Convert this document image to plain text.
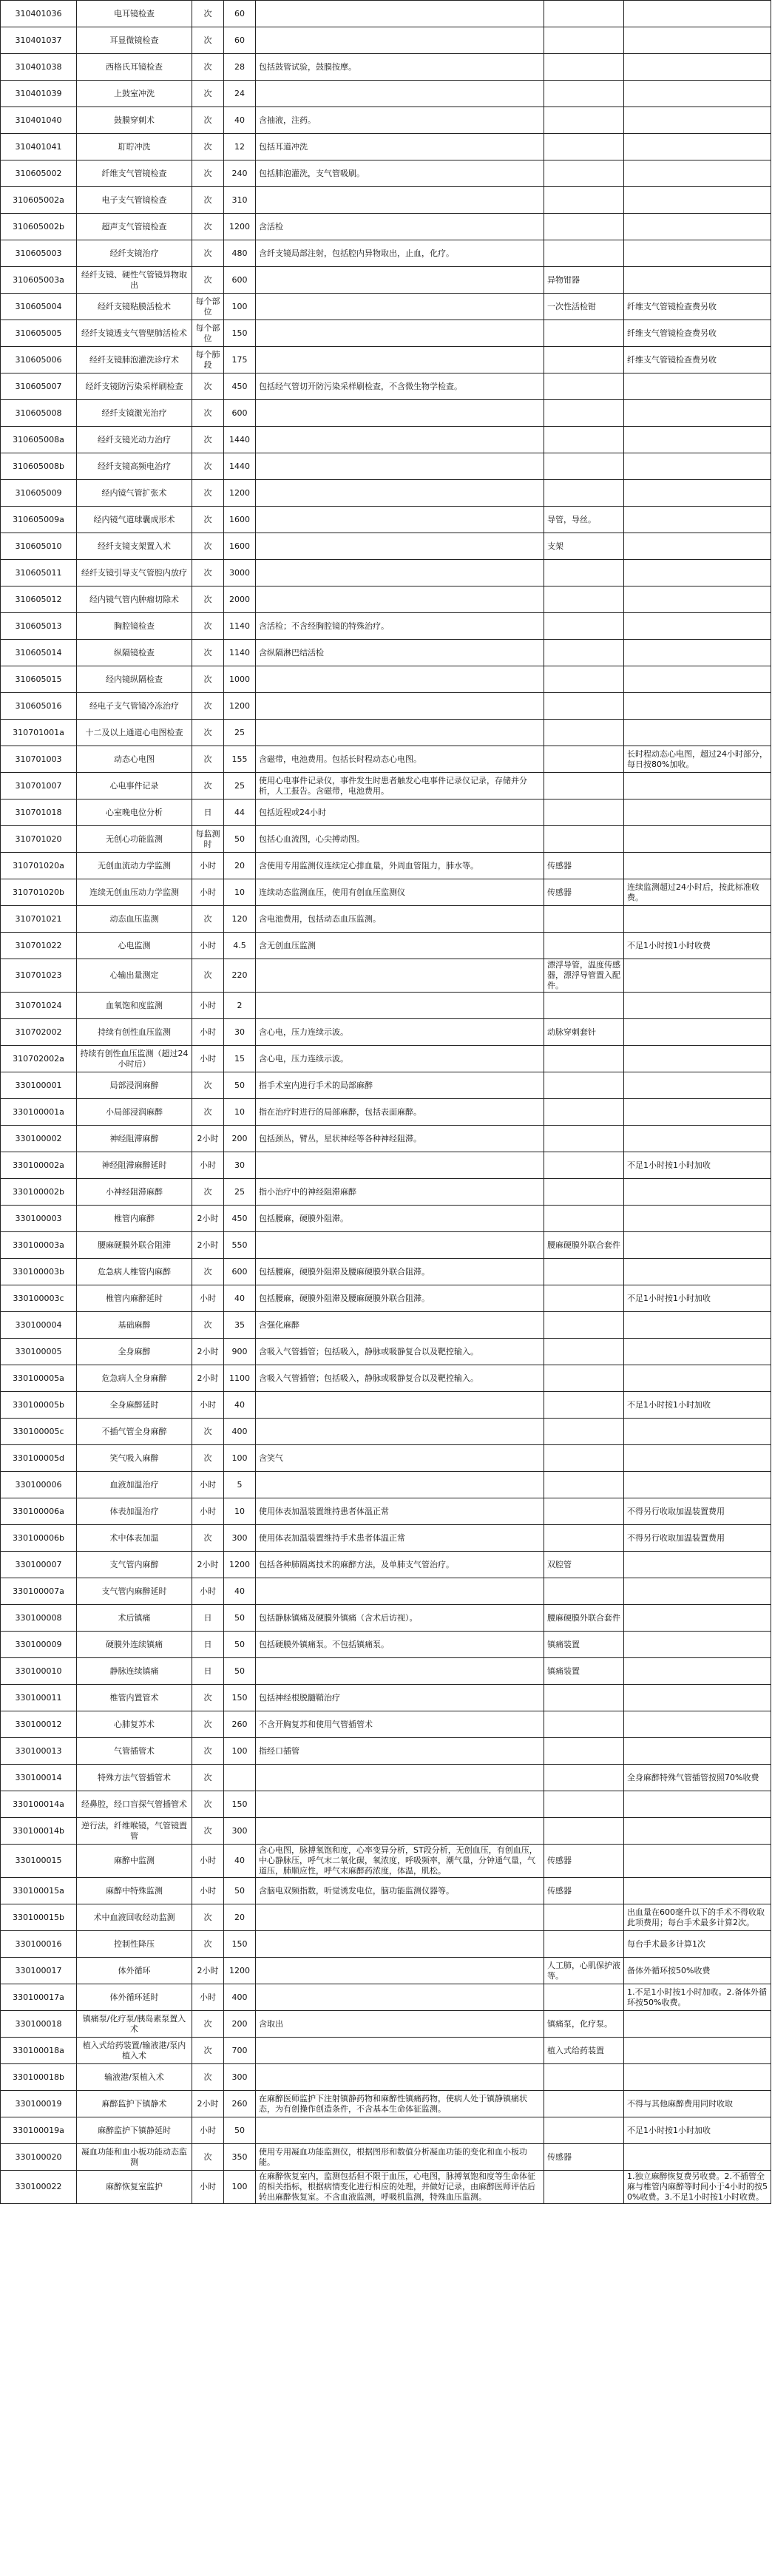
310401036	电耳镜检查	次	60			
310401037	耳显微镜检查	次	60			
310401038	西格氏耳镜检查	次	28	包括鼓管试验，鼓膜按摩。		
310401039	上鼓室冲洗	次	24			
310401040	鼓膜穿刺术	次	40	含抽液，注药。		
310401041	耵聍冲洗	次	12	包括耳道冲洗		
310605002	纤维支气管镜检查	次	240	包括肺泡灌洗，支气管吸刷。		
310605002a	电子支气管镜检查	次	310			
310605002b	超声支气管镜检查	次	1200	含活检		
310605003	经纤支镜治疗	次	480	含纤支镜局部注射，包括腔内异物取出，止血，化疗。		
310605003a	经纤支镜、硬性气管镜异物取出	次	600		异物钳器	
310605004	经纤支镜粘膜活检术	每个部位	100		一次性活检钳	纤维支气管镜检查费另收
310605005	经纤支镜透支气管壁肺活检术	每个部位	150			纤维支气管镜检查费另收
310605006	经纤支镜肺泡灌洗诊疗术	每个肺段	175			纤维支气管镜检查费另收
310605007	经纤支镜防污染采样刷检查	次	450	包括经气管切开防污染采样刷检查，不含微生物学检查。		
310605008	经纤支镜激光治疗	次	600			
310605008a	经纤支镜光动力治疗	次	1440			
310605008b	经纤支镜高频电治疗	次	1440			
310605009	经内镜气管扩张术	次	1200			
310605009a	经内镜气道球囊成形术	次	1600		导管，导丝。	
310605010	经纤支镜支架置入术	次	1600		支架	
310605011	经纤支镜引导支气管腔内放疗	次	3000			
310605012	经内镜气管内肿瘤切除术	次	2000			
310605013	胸腔镜检查	次	1140	含活检；不含经胸腔镜的特殊治疗。		
310605014	纵隔镜检查	次	1140	含纵隔淋巴结活检		
310605015	经内镜纵隔检查	次	1000			
310605016	经电子支气管镜冷冻治疗	次	1200			
310701001a	十二及以上通道心电图检查	次	25			
310701003	动态心电图	次	155	含磁带，电池费用。包括长时程动态心电图。		长时程动态心电图，超过24小时部分，每日按80%加收。
310701007	心电事件记录	次	25	使用心电事件记录仪，事件发生时患者触发心电事件记录仪记录，存储并分析，人工报告。含磁带，电池费用。		
310701018	心室晚电位分析	日	44	包括近程或24小时		
310701020	无创心功能监测	每监测时	50	包括心血流图，心尖搏动图。		
310701020a	无创血流动力学监测	小时	20	含使用专用监测仪连续定心排血量，外周血管阻力，肺水等。	传感器	
310701020b	连续无创血压动力学监测	小时	10	连续动态监测血压，使用有创血压监测仪	传感器	连续监测超过24小时后，按此标准收费。
310701021	动态血压监测	次	120	含电池费用，包括动态血压监测。		
310701022	心电监测	小时	4.5	含无创血压监测		不足1小时按1小时收费
310701023	心输出量测定	次	220		漂浮导管，温度传感器，漂浮导管置入配件。	
310701024	血氧饱和度监测	小时	2			
310702002	持续有创性血压监测	小时	30	含心电，压力连续示波。	动脉穿刺套针	
310702002a	持续有创性血压监测（超过24小时后）	小时	15	含心电，压力连续示波。		
330100001	局部浸润麻醉	次	50	指手术室内进行手术的局部麻醉		
330100001a	小局部浸润麻醉	次	10	指在治疗时进行的局部麻醉，包括表面麻醉。		
330100002	神经阻滞麻醉	2小时	200	包括颈丛，臂丛，星状神经等各种神经阻滞。		
330100002a	神经阻滞麻醉延时	小时	30			不足1小时按1小时加收
330100002b	小神经阻滞麻醉	次	25	指小治疗中的神经阻滞麻醉		
330100003	椎管内麻醉	2小时	450	包括腰麻，硬膜外阻滞。		
330100003a	腰麻硬膜外联合阻滞	2小时	550		腰麻硬膜外联合套件	
330100003b	危急病人椎管内麻醉	次	600	包括腰麻，硬膜外阻滞及腰麻硬膜外联合阻滞。		
330100003c	椎管内麻醉延时	小时	40	包括腰麻，硬膜外阻滞及腰麻硬膜外联合阻滞。		不足1小时按1小时加收
330100004	基础麻醉	次	35	含强化麻醉		
330100005	全身麻醉	2小时	900	含吸入气管插管；包括吸入，静脉或吸静复合以及靶控输入。		
330100005a	危急病人全身麻醉	2小时	1100	含吸入气管插管；包括吸入，静脉或吸静复合以及靶控输入。		
330100005b	全身麻醉延时	小时	40			不足1小时按1小时加收
330100005c	不插气管全身麻醉	次	400			
330100005d	笑气吸入麻醉	次	100	含笑气		
330100006	血液加温治疗	小时	5			
330100006a	体表加温治疗	小时	10	使用体表加温装置维持患者体温正常		不得另行收取加温装置费用
330100006b	术中体表加温	次	300	使用体表加温装置维持手术患者体温正常		不得另行收取加温装置费用
330100007	支气管内麻醉	2小时	1200	包括各种肺隔离技术的麻醉方法，及单肺支气管治疗。	双腔管	
330100007a	支气管内麻醉延时	小时	40			
330100008	术后镇痛	日	50	包括静脉镇痛及硬膜外镇痛（含术后访视）。	腰麻硬膜外联合套件	
330100009	硬膜外连续镇痛	日	50	包括硬膜外镇痛泵。不包括镇痛泵。	镇痛装置	
330100010	静脉连续镇痛	日	50		镇痛装置	
330100011	椎管内置管术	次	150	包括神经根脱髓鞘治疗		
330100012	心肺复苏术	次	260	不含开胸复苏和使用气管插管术		
330100013	气管插管术	次	100	指经口插管		
330100014	特殊方法气管插管术	次				全身麻醉特殊气管插管按照70%收费
330100014a	经鼻腔，经口盲探气管插管术	次	150			
330100014b	逆行法，纤维喉镜，气管镜置管	次	300			
330100015	麻醉中监测	小时	40	含心电图，脉搏氧饱和度，心率变异分析，ST段分析，无创血压，有创血压，中心静脉压，呼气末二氧化碳，氧浓度，呼吸频率，潮气量，分钟通气量，气道压，肺顺应性，呼气末麻醉药浓度，体温，肌松。	传感器	
330100015a	麻醉中特殊监测	小时	50	含脑电双频指数，听觉诱发电位，脑功能监测仪器等。	传感器	
330100015b	术中血液回收经动监测	次	20			出血量在600毫升以下的手术不得收取此项费用；每台手术最多计算2次。
330100016	控制性降压	次	150			每台手术最多计算1次
330100017	体外循环	2小时	1200		人工肺，心肌保护液等。	备体外循环按50%收费
330100017a	体外循环延时	小时	400			1.不足1小时按1小时加收。2.备体外循环按50%收费。
330100018	镇痛泵/化疗泵/胰岛素泵置入术	次	200	含取出	镇痛泵，化疗泵。	
330100018a	植入式给药装置/输液港/泵内植入术	次	700		植入式给药装置	
330100018b	输液港/泵植入术	次	300			
330100019	麻醉监护下镇静术	2小时	260	在麻醉医师监护下注射镇静药物和麻醉性镇痛药物，使病人处于镇静镇痛状态，为有创操作创造条件，不含基本生命体征监测。		不得与其他麻醉费用同时收取
330100019a	麻醉监护下镇静延时	小时	50			不足1小时按1小时加收
330100020	凝血功能和血小板功能动态监测	次	350	使用专用凝血功能监测仪，根据图形和数值分析凝血功能的变化和血小板功能。	传感器	
330100022	麻醉恢复室监护	小时	100	在麻醉恢复室内，监测包括但不限于血压，心电图，脉搏氧饱和度等生命体征的相关指标，根据病情变化进行相应的处理，并做好记录，由麻醉医师评估后转出麻醉恢复室。不含血液监测，呼吸机监测，特殊血压监测。		1.独立麻醉恢复费另收费。2.不插管全麻与椎管内麻醉等时间小于4小时的按50%收费。3.不足1小时按1小时收费。
